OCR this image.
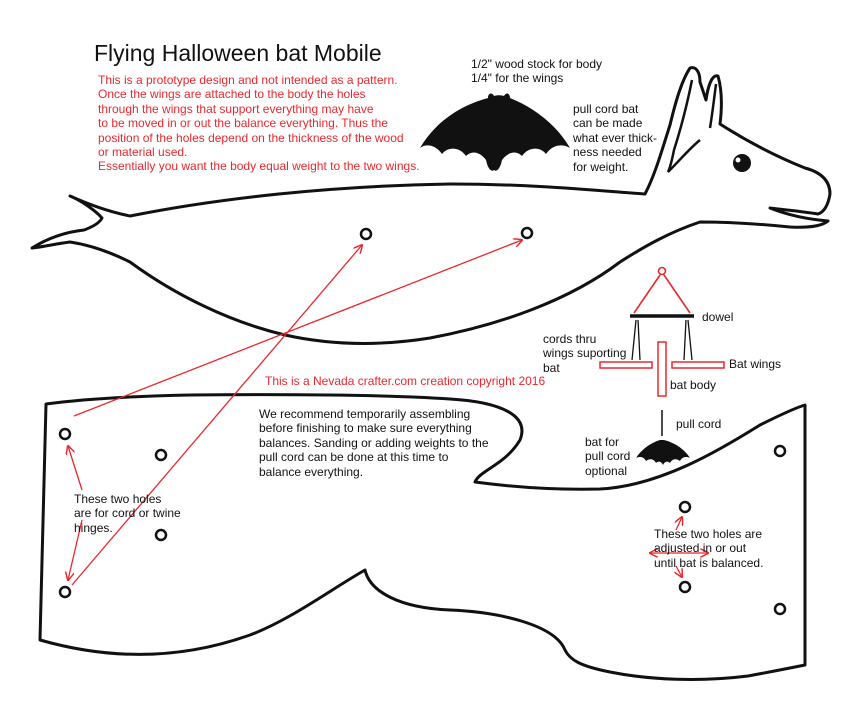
Flying Halloween bat Mobile
This is a prototype design and not intended as a pattern.
Once the wings are attached to the body the holes
through the wings that support everything may have
to be moved in or out the balance everything. Thus the
position of the holes depend on the thickness of the wood
or material used.
Essentially you want the body equal weight to the two wings.
1/2" wood stock for body
1/4" for the wings
pull cord bat
can be made
what ever thick-
ness needed
for weight.
This is a Nevada crafter.com creation copyright 2016
We recommend temporarily assembling
before finishing to make sure everything
balances. Sanding or adding weights to the
pull cord can be done at this time to
balance everything.
These two holes
are for cord or twine
hinges.	These two holes are
adjusted in or out
until bat is balanced.
dowel
cords thru
wings suporting
bat	Bat wings
bat body
pull cord
bat for
pull cord
optional
